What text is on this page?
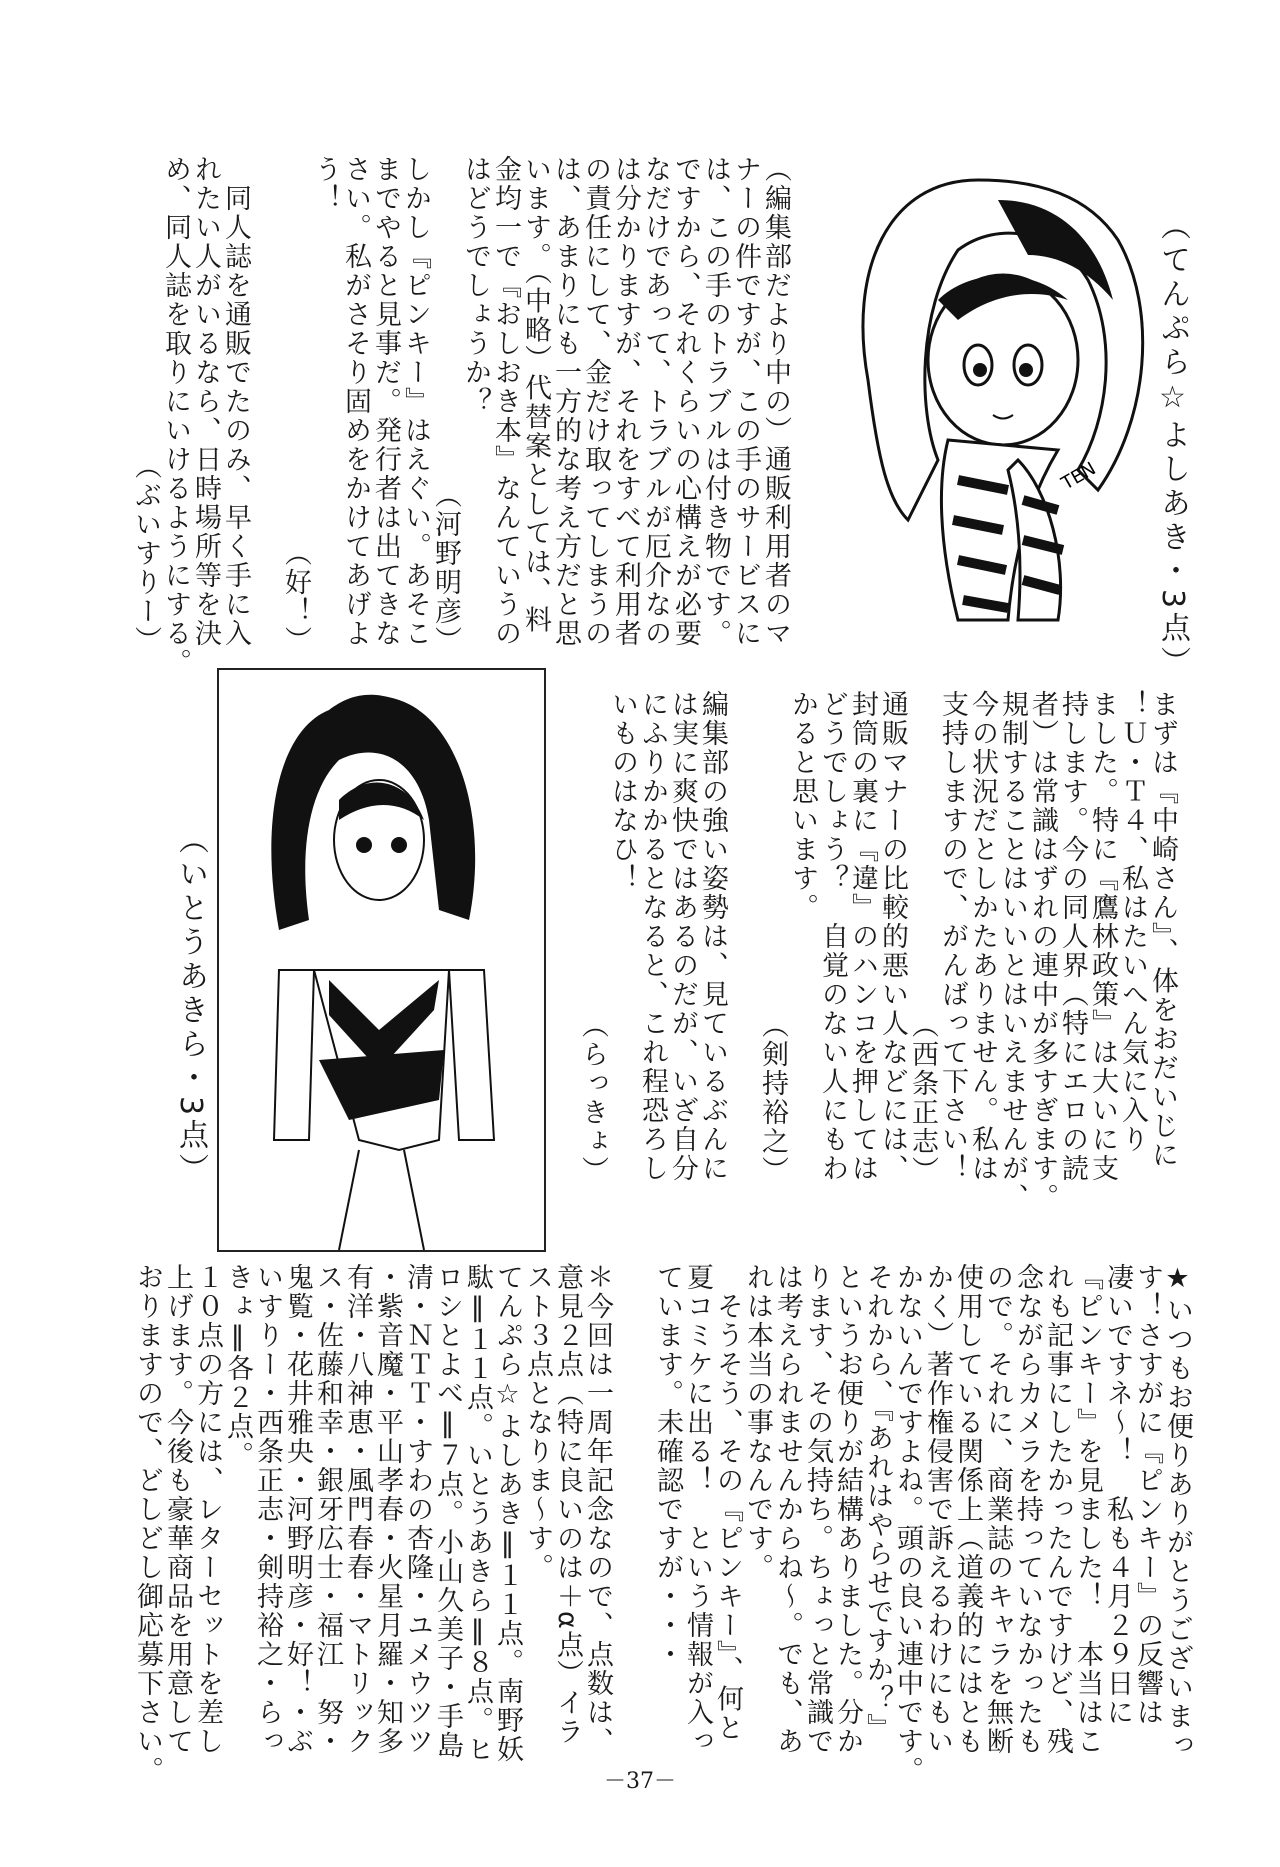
（編集部だより中の）通販利用者のマ
ナーの件ですが、この手のサービスに
は、この手のトラブルは付き物です。
ですから、それくらいの心構えが必要
なだけであって、トラブルが厄介なの
は分かりますが、それをすべて利用者
の責任にして、金だけ取ってしまうの
は、あまりにも一方的な考え方だと思
います。（中略）代替案としては、料
金均一で『おしおき本』なんていうの
はどうでしょうか？
（河野明彦）
しかし『ピンキー』はえぐい。あそこ
までやると見事だ。発行者は出てきな
さい。私がさそり固めをかけてあげよ
う！
（好！）
　同人誌を通販でたのみ、早く手に入
れたい人がいるなら、日時場所等を決
め、同人誌を取りにいけるようにする。
（ぶいすりー）	TEN （てんぷら☆よしあき・3点）
（いとうあきら・3点）	まずは『中崎さん』、体をおだいじに
！Ｕ・Ｔ４、私はたいへん気に入り
ました。特に『鷹林政策』は大いに支
持します。今の同人界（特にエロの読
者）は常識はずれの連中が多すぎます。
規制することはいいとはいえませんが、
今の状況だとしかたありません。私は
支持しますので、がんばって下さい！
（西条正志）
通販マナーの比較的悪い人などには、
封筒の裏に『違』のハンコを押しては
どうでしょう？　自覚のない人にもわ
かると思います。
（剣持裕之）
編集部の強い姿勢は、見ているぶんに
は実に爽快ではあるのだが、いざ自分
にふりかかるとなると、これ程恐ろし
いものはなひ！
（らっきょ）
★いつもお便りありがとうございまっ
す！さすがに『ピンキー』の反響は
凄いですネ～！　私も４月２９日に
『ピンキー』を見ました！　本当はこ
れも記事にしたかったんですけど、残
念ながらカメラを持っていなかったも
ので。それに、商業誌のキャラを無断
使用している関係上（道義的にはとも
かく）著作権侵害で訴えるわけにもい
かないんですよね。頭の良い連中です。
それから、『あれはやらせですか？』
というお便りが結構ありました。分か
ります、その気持ち。ちょっと常識で
は考えられませんからね～。でも、あ
れは本当の事なんです。
　そうそう、その『ピンキー』、何と
夏コミケに出る！　という情報が入っ
ています。未確認ですが・・・
＊今回は一周年記念なので、点数は、
意見２点（特に良いのは＋α点）イラ
スト３点となりま～す。
てんぷら☆よしあき‖１１点。南野妖
駄‖１１点。いとうあきら‖８点。ヒ
ロシとよべ‖７点。小山久美子・手島
清・ＮＴＴ・すわの杏隆・ユメウツツ
・紫音魔・平山孝春・火星月羅・知多
有洋・八神恵・風門春春・マトリック
ス・佐藤和幸・銀牙広士・福江　努・
鬼覧・花井雅央・河野明彦・好！・ぶ
いすりー・西条正志・剣持裕之・らっ
きょ‖各２点。
１０点の方には、レターセットを差し
上げます。今後も豪華商品を用意して
おりますので、どしどし御応募下さい。	－37－
